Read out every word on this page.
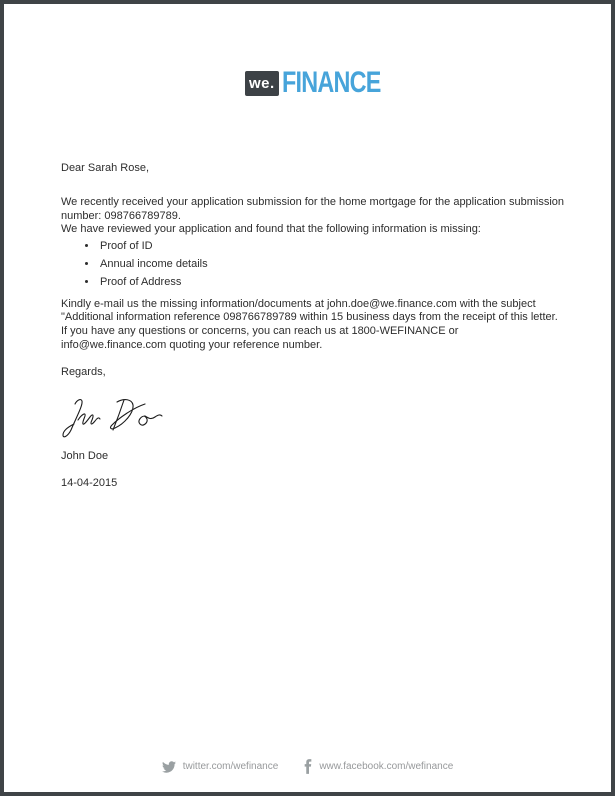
we. FINANCE
Dear Sarah Rose,

We recently received your application submission for the home mortgage for the application submission number: 098766789789.

We have reviewed your application and found that the following information is missing:

• Proof of ID
• Annual income details
• Proof of Address

Kindly e-mail us the missing information/documents at john.doe@we.finance.com with the subject "Additional information reference 098766789789 within 15 business days from the receipt of this letter. If you have any questions or concerns, you can reach us at 1800-WEFINANCE or info@we.finance.com quoting your reference number.

Regards,
John Doe
14-04-2015
twitter.com/wefinance	www.facebook.com/wefinance
